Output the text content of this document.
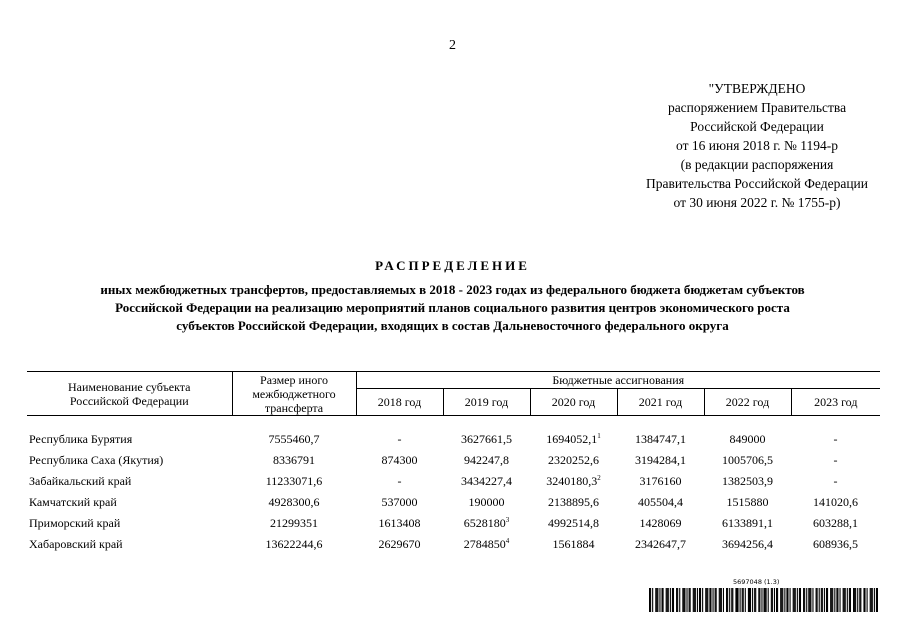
2
"УТВЕРЖДЕНО
распоряжением Правительства
Российской Федерации
от 16 июня 2018 г. № 1194-р
(в редакции распоряжения
Правительства Российской Федерации
от 30 июня 2022 г. № 1755-р)
РАСПРЕДЕЛЕНИЕ
иных межбюджетных трансфертов, предоставляемых в 2018 - 2023 годах из федерального бюджета бюджетам субъектов
Российской Федерации на реализацию мероприятий планов социального развития центров экономического роста
субъектов Российской Федерации, входящих в состав Дальневосточного федерального округа
Наименование субъекта
Российской Федерации	Размер иного
межбюджетного
трансферта	Бюджетные ассигнования					
		2018 год	2019 год	2020 год	2021 год	2022 год	2023 год

Республика Бурятия	7555460,7	-	3627661,5	1694052,1$^1$	1384747,1	849000	-
Республика Саха (Якутия)	8336791	874300	942247,8	2320252,6	3194284,1	1005706,5	-
Забайкальский край	11233071,6	-	3434227,4	3240180,3$^2$	3176160	1382503,9	-
Камчатский край	4928300,6	537000	190000	2138895,6	405504,4	1515880	141020,6
Приморский край	21299351	1613408	6528180$^3$	4992514,8	1428069	6133891,1	603288,1
Хабаровский край	13622244,6	2629670	2784850$^4$	1561884	2342647,7	3694256,4	608936,5
5697048 (1.3)
